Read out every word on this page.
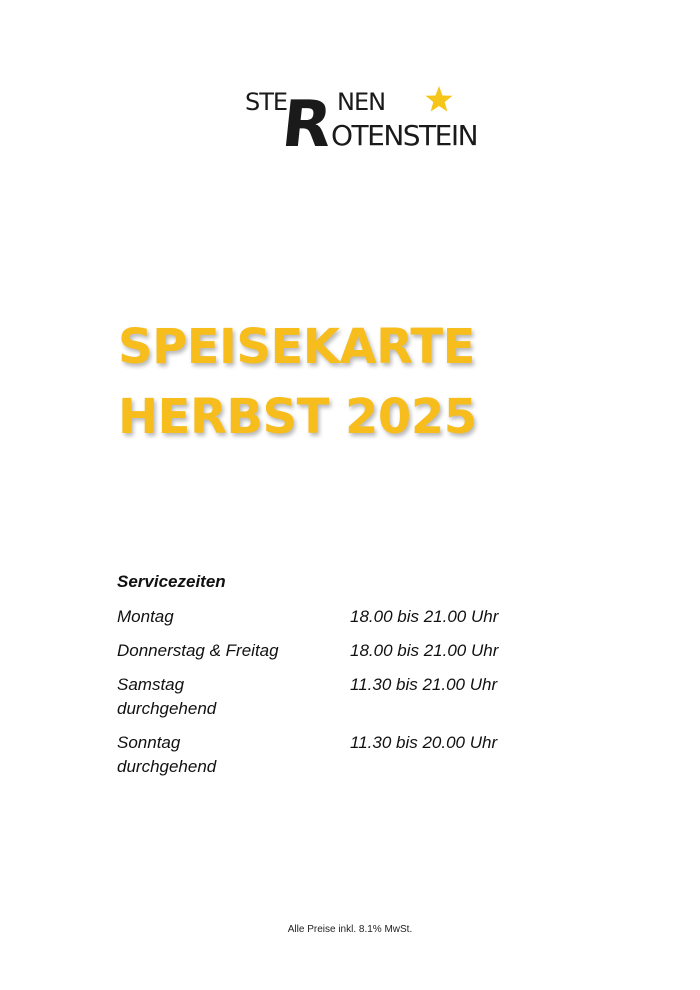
STE
R NEN
OTENSTEIN
SPEISEKARTE
HERBST 2025
Servicezeiten
Montag	18.00 bis 21.00 Uhr
Donnerstag & Freitag	18.00 bis 21.00 Uhr
Samstag
durchgehend
11.30 bis 21.00 Uhr
Sonntag
durchgehend
11.30 bis 20.00 Uhr
Alle Preise inkl. 8.1% MwSt.
